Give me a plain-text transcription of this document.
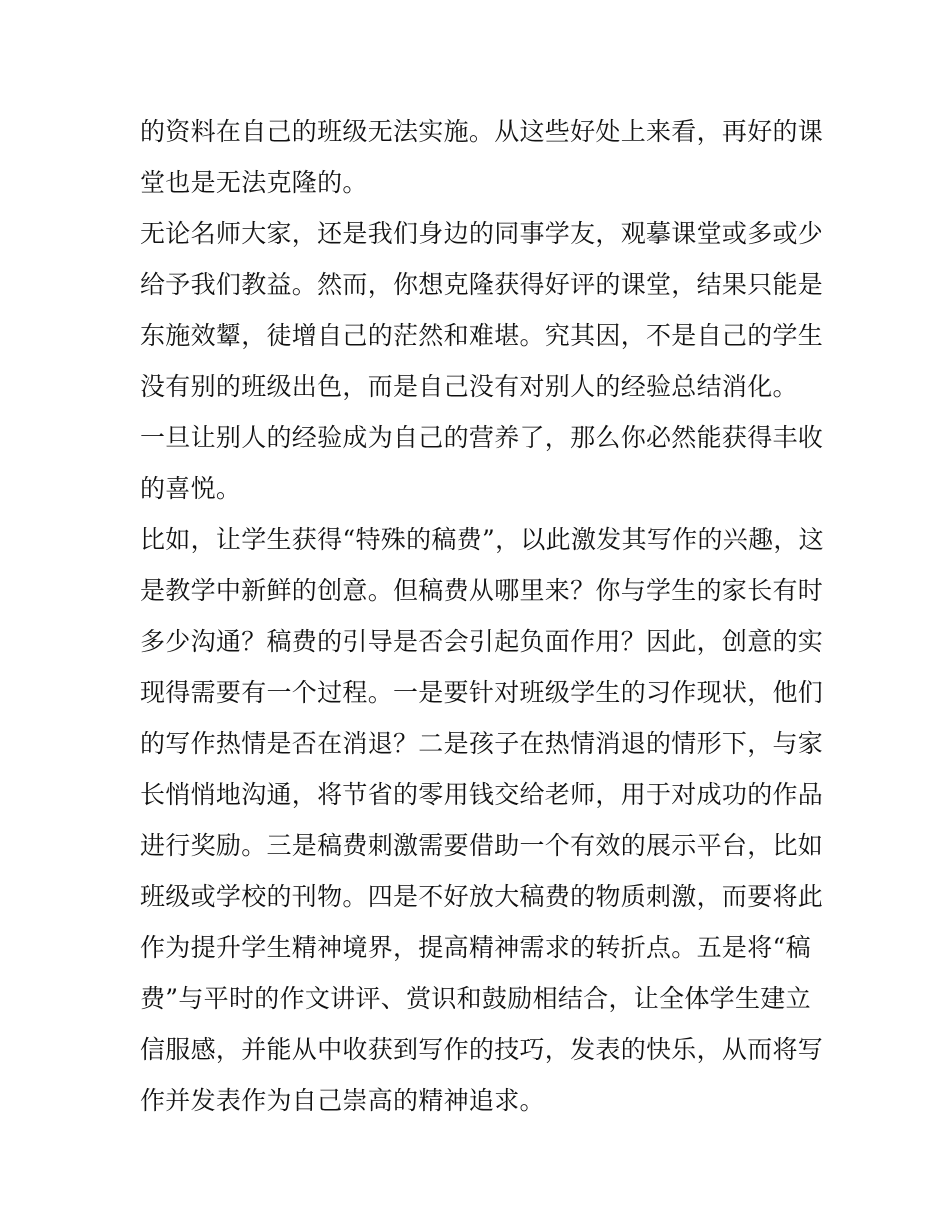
的资料在自己的班级无法实施。从这些好处上来看，再好的课
堂也是无法克隆的。
无论名师大家，还是我们身边的同事学友，观摹课堂或多或少
给予我们教益。然而，你想克隆获得好评的课堂，结果只能是
东施效颦，徒增自己的茫然和难堪。究其因，不是自己的学生
没有别的班级出色，而是自己没有对别人的经验总结消化。
一旦让别人的经验成为自己的营养了，那么你必然能获得丰收
的喜悦。
比如，让学生获得“特殊的稿费”，以此激发其写作的兴趣，这
是教学中新鲜的创意。但稿费从哪里来？你与学生的家长有时
多少沟通？稿费的引导是否会引起负面作用？因此，创意的实
现得需要有一个过程。一是要针对班级学生的习作现状，他们
的写作热情是否在消退？二是孩子在热情消退的情形下，与家
长悄悄地沟通，将节省的零用钱交给老师，用于对成功的作品
进行奖励。三是稿费刺激需要借助一个有效的展示平台，比如
班级或学校的刊物。四是不好放大稿费的物质刺激，而要将此
作为提升学生精神境界，提高精神需求的转折点。五是将“稿
费”与平时的作文讲评、赏识和鼓励相结合，让全体学生建立
信服感，并能从中收获到写作的技巧，发表的快乐，从而将写
作并发表作为自己崇高的精神追求。
